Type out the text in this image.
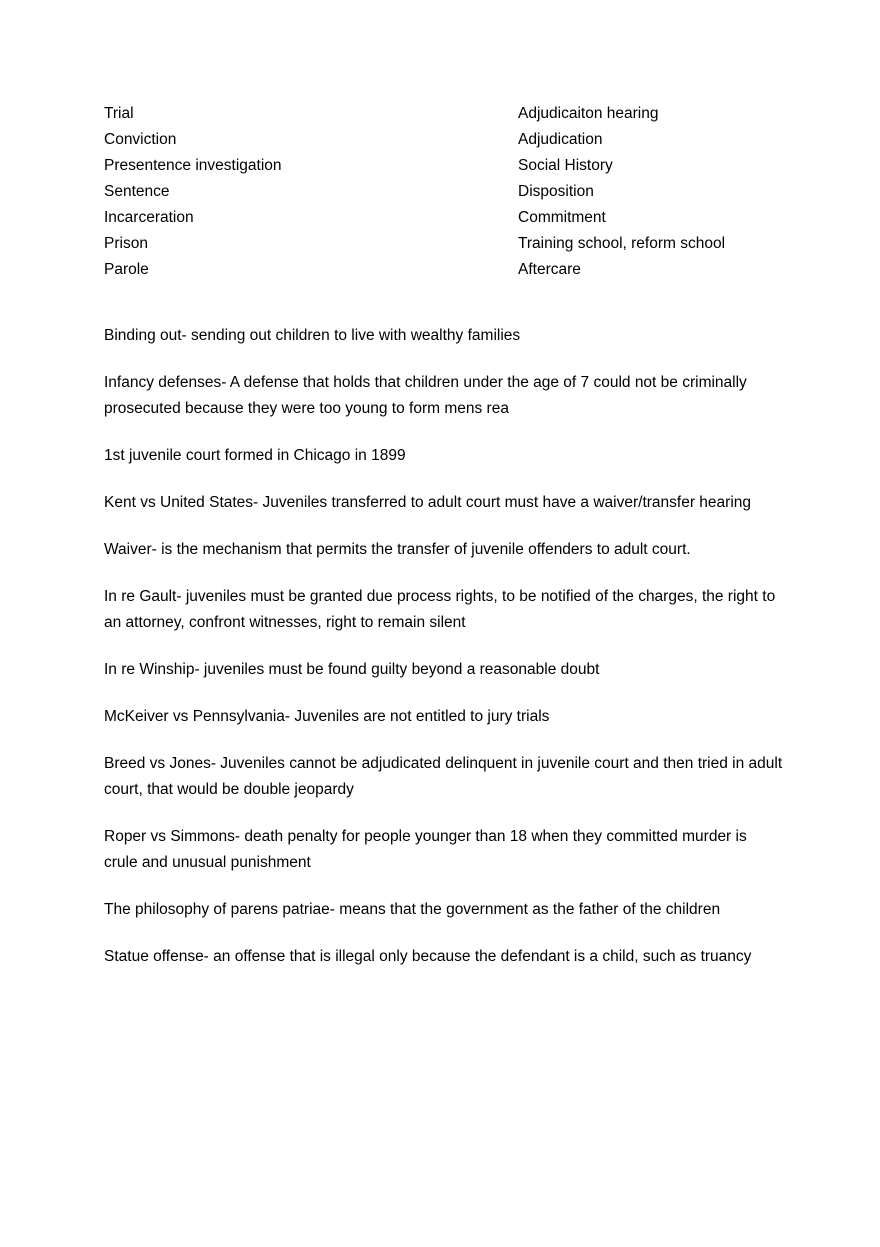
Trial	Adjudicaiton hearing
Conviction	Adjudication
Presentence investigation	Social History
Sentence	Disposition
Incarceration	Commitment
Prison	Training school, reform school
Parole	Aftercare

Binding out- sending out children to live with wealthy families

Infancy defenses- A defense that holds that children under the age of 7 could not be criminally prosecuted because they were too young to form mens rea

1st juvenile court formed in Chicago in 1899

Kent vs United States- Juveniles transferred to adult court must have a waiver/transfer hearing

Waiver- is the mechanism that permits the transfer of juvenile offenders to adult court.

In re Gault- juveniles must be granted due process rights, to be notified of the charges, the right to an attorney, confront witnesses, right to remain silent

In re Winship- juveniles must be found guilty beyond a reasonable doubt

McKeiver vs Pennsylvania- Juveniles are not entitled to jury trials

Breed vs Jones- Juveniles cannot be adjudicated delinquent in juvenile court and then tried in adult court, that would be double jeopardy

Roper vs Simmons- death penalty for people younger than 18 when they committed murder is crule and unusual punishment

The philosophy of parens patriae- means that the government as the father of the children

Statue offense- an offense that is illegal only because the defendant is a child, such as truancy
